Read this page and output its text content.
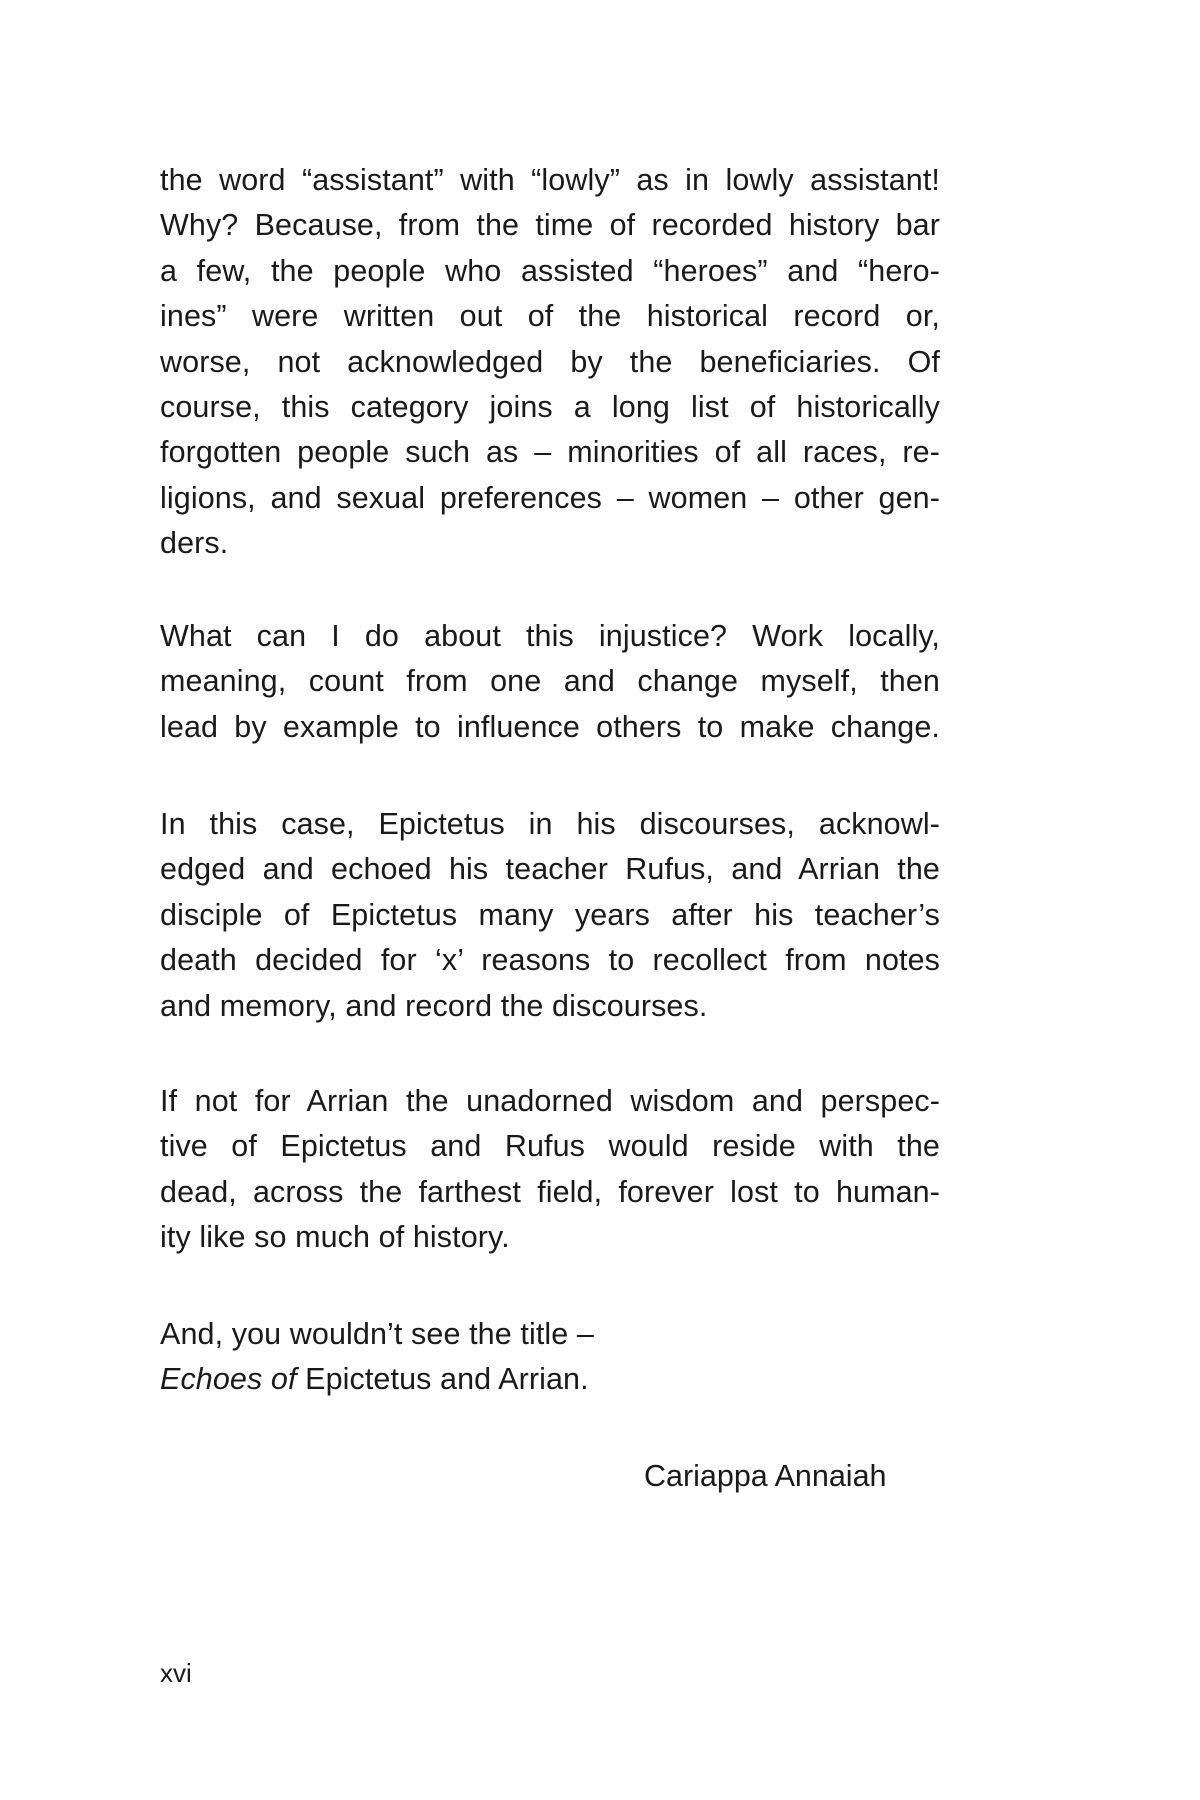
the word “assistant” with “lowly” as in lowly assistant!
Why? Because, from the time of recorded history bar
a few, the people who assisted “heroes” and “hero-
ines” were written out of the historical record or,
worse, not acknowledged by the beneficiaries. Of
course, this category joins a long list of historically
forgotten people such as – minorities of all races, re-
ligions, and sexual preferences – women – other gen-
ders.
What can I do about this injustice? Work locally,
meaning, count from one and change myself, then
lead by example to influence others to make change.
In this case, Epictetus in his discourses, acknowl-
edged and echoed his teacher Rufus, and Arrian the
disciple of Epictetus many years after his teacher’s
death decided for ‘x’ reasons to recollect from notes
and memory, and record the discourses.
If not for Arrian the unadorned wisdom and perspec-
tive of Epictetus and Rufus would reside with the
dead, across the farthest field, forever lost to human-
ity like so much of history.
And, you wouldn’t see the title –
Echoes of Epictetus and Arrian.
Cariappa Annaiah
xvi
